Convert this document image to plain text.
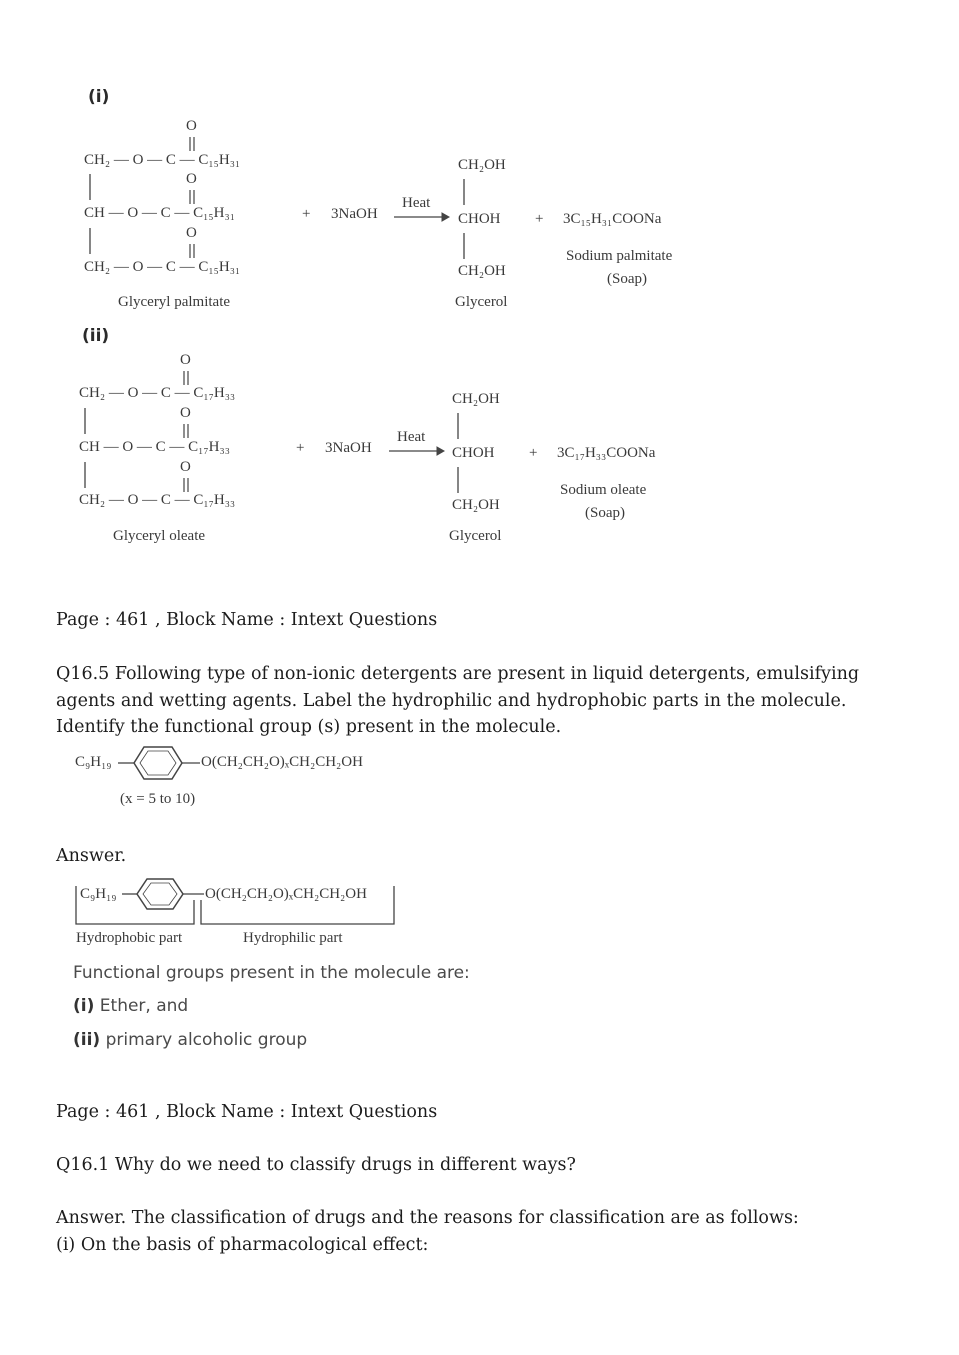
(i)
CH₂ — O — C — C₁₅H₃₁
CH — O — C — C₁₅H₃₁
CH₂ — O — C — C₁₅H₃₁
O
O
O
Glyceryl palmitate
+ 3NaOH
Heat
CH₂OH
CHOH
CH₂OH
Glycerol
+ 3C₁₅H₃₁COONa
Sodium palmitate
(Soap)
(ii)
CH₂ — O — C — C₁₇H₃₃
CH — O — C — C₁₇H₃₃
CH₂ — O — C — C₁₇H₃₃
O
O
O
Glyceryl oleate
+ 3NaOH
Heat
CH₂OH
CHOH
CH₂OH
Glycerol
+ 3C₁₇H₃₃COONa
Sodium oleate
(Soap)
Page : 461 , Block Name : Intext Questions
Q16.5 Following type of non-ionic detergents are present in liquid detergents, emulsifying agents and wetting agents. Label the hydrophilic and hydrophobic parts in the molecule. Identify the functional group (s) present in the molecule.
C₉H₁₉	O(CH₂CH₂O)ₓCH₂CH₂OH
(x = 5 to 10)
Answer.
C₉H₁₉	O(CH₂CH₂O)ₓCH₂CH₂OH
Hydrophobic part	Hydrophilic part
Functional groups present in the molecule are:
(i) Ether, and
(ii) primary alcoholic group
Page : 461 , Block Name : Intext Questions
Q16.1 Why do we need to classify drugs in different ways?
Answer. The classification of drugs and the reasons for classification are as follows:
(i) On the basis of pharmacological effect:
